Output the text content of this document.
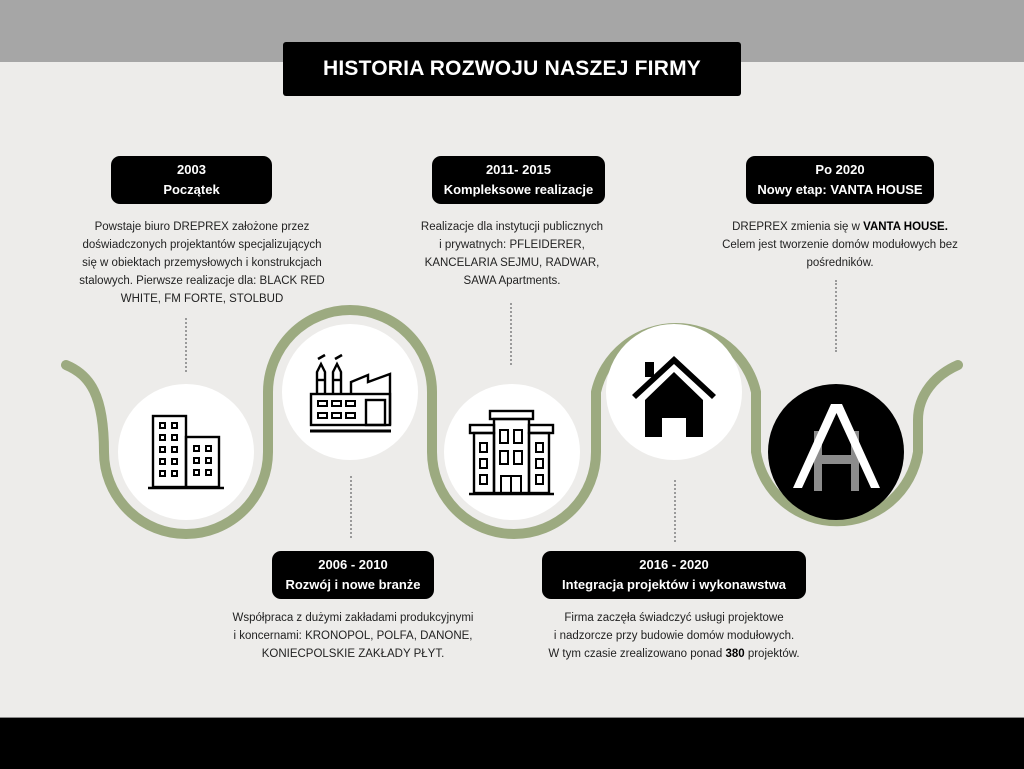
HISTORIA ROZWOJU NASZEJ FIRMY
2003
Początek
Powstaje biuro DREPREX założone przez
doświadczonych projektantów specjalizujących
się w obiektach przemysłowych i konstrukcjach
stalowych. Pierwsze realizacje dla: BLACK RED
WHITE, FM FORTE, STOLBUD
2006 - 2010
Rozwój i nowe branże
Współpraca z dużymi zakładami produkcyjnymi
i koncernami: KRONOPOL, POLFA, DANONE,
KONIECPOLSKIE ZAKŁADY PŁYT.
2011- 2015
Kompleksowe realizacje
Realizacje dla instytucji publicznych
i prywatnych: PFLEIDERER,
KANCELARIA SEJMU, RADWAR,
SAWA Apartments.
2016 - 2020
Integracja projektów i wykonawstwa
Firma zaczęła świadczyć usługi projektowe
i nadzorcze przy budowie domów modułowych.
W tym czasie zrealizowano ponad 380 projektów.
Po 2020
Nowy etap: VANTA HOUSE
DREPREX zmienia się w VANTA HOUSE.
Celem jest tworzenie domów modułowych bez
pośredników.
